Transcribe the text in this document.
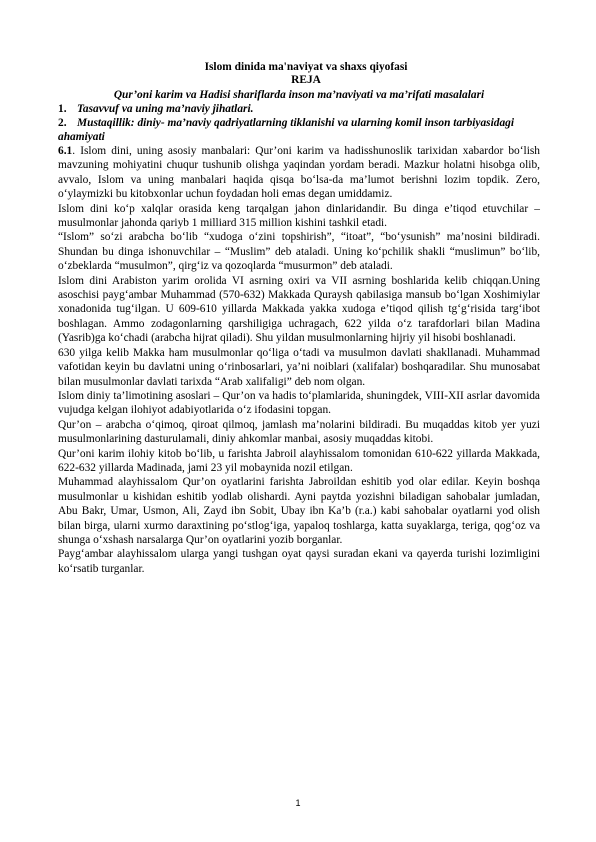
Islom dinida ma'naviyat va shaxs qiyofasi

REJA

Qur’oni karim va Hadisi shariflarda inson ma’naviyati va ma’rifati masalalari

1. Tasavvuf va uning ma’naviy jihatlari.

2. Mustaqillik: diniy- ma’naviy qadriyatlarning tiklanishi va ularning komil inson tarbiyasidagi ahamiyati

6.1. Islom dini, uning asosiy manbalari: Qur’oni karim va hadisshunoslik tarixidan xabardor bo‘lish mavzuning mohiyatini chuqur tushunib olishga yaqindan yordam beradi. Mazkur holatni hisobga olib, avvalo, Islom va uning manbalari haqida qisqa bo‘lsa-da ma’lumot berishni lozim topdik. Zero, o‘ylaymizki bu kitobxonlar uchun foydadan holi emas degan umiddamiz.

Islom dini ko‘p xalqlar orasida keng tarqalgan jahon dinlaridandir. Bu dinga e’tiqod etuvchilar – musulmonlar jahonda qariyb 1 milliard 315 million kishini tashkil etadi.

“Islom” so‘zi arabcha bo‘lib “xudoga o‘zini topshirish”, “itoat”, “bo‘ysunish” ma’nosini bildiradi. Shundan bu dinga ishonuvchilar – “Muslim” deb ataladi. Uning ko‘pchilik shakli “muslimun” bo‘lib, o‘zbeklarda “musulmon”, qirg‘iz va qozoqlarda “musurmon” deb ataladi.

Islom dini Arabiston yarim orolida VI asrning oxiri va VII asrning boshlarida kelib chiqqan.Uning asoschisi payg‘ambar Muhammad (570-632) Makkada Quraysh qabilasiga mansub bo‘lgan Xoshimiylar xonadonida tug‘ilgan. U 609-610 yillarda Makkada yakka xudoga e’tiqod qilish tg‘g‘risida targ‘ibot boshlagan. Ammo zodagonlarning qarshiligiga uchragach, 622 yilda o‘z tarafdorlari bilan Madina (Yasrib)ga ko‘chadi (arabcha hijrat qiladi). Shu yildan musulmonlarning hijriy yil hisobi boshlanadi.

630 yilga kelib Makka ham musulmonlar qo‘liga o‘tadi va musulmon davlati shakllanadi. Muhammad vafotidan keyin bu davlatni uning o‘rinbosarlari, ya’ni noiblari (xalifalar) boshqaradilar. Shu munosabat bilan musulmonlar davlati tarixda “Arab xalifaligi” deb nom olgan.

Islom diniy ta’limotining asoslari – Qur’on va hadis to‘plamlarida, shuningdek, VIII-XII asrlar davomida vujudga kelgan ilohiyot adabiyotlarida o‘z ifodasini topgan.

Qur’on – arabcha o‘qimoq, qiroat qilmoq, jamlash ma’nolarini bildiradi. Bu muqaddas kitob yer yuzi musulmonlarining dasturulamali, diniy ahkomlar manbai, asosiy muqaddas kitobi.

Qur’oni karim ilohiy kitob bo‘lib, u farishta Jabroil alayhissalom tomonidan 610-622 yillarda Makkada, 622-632 yillarda Madinada, jami 23 yil mobaynida nozil etilgan.

Muhammad alayhissalom Qur’on oyatlarini farishta Jabroildan eshitib yod olar edilar. Keyin boshqa musulmonlar u kishidan eshitib yodlab olishardi. Ayni paytda yozishni biladigan sahobalar jumladan, Abu Bakr, Umar, Usmon, Ali, Zayd ibn Sobit, Ubay ibn Ka’b (r.a.) kabi sahobalar oyatlarni yod olish bilan birga, ularni xurmo daraxtining po‘stlog‘iga, yapaloq toshlarga, katta suyaklarga, teriga, qog‘oz va shunga o‘xshash narsalarga Qur’on oyatlarini yozib borganlar.

Payg‘ambar alayhissalom ularga yangi tushgan oyat qaysi suradan ekani va qayerda turishi lozimligini ko‘rsatib turganlar.

1
